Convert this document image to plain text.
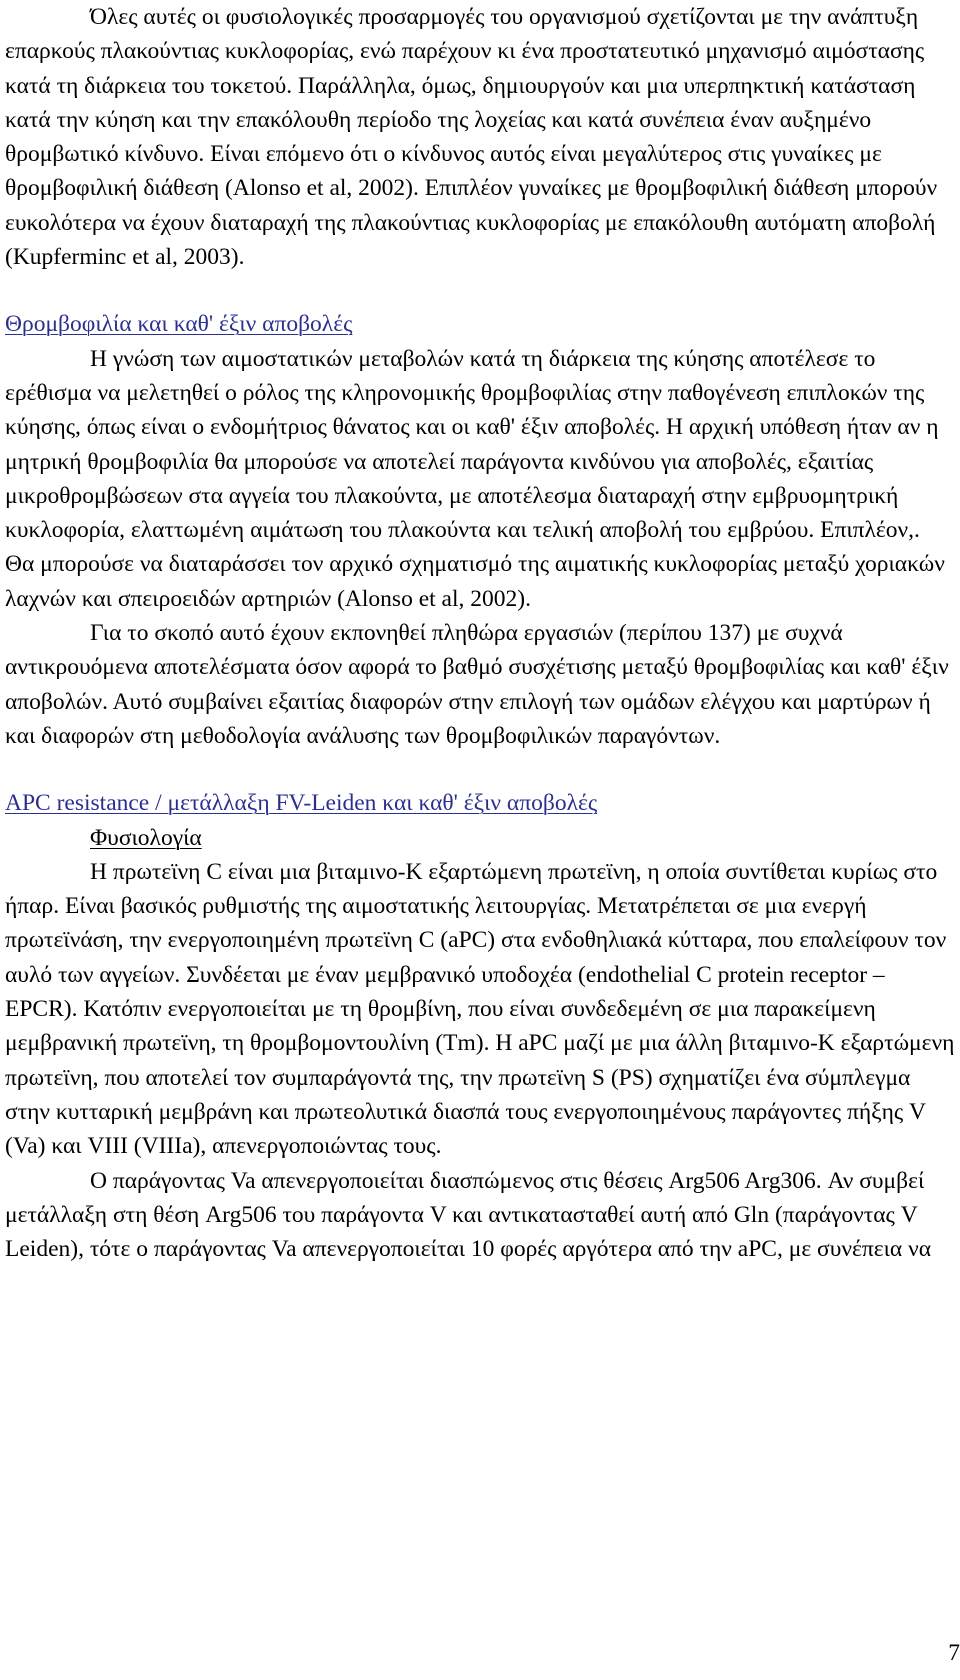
Όλες αυτές οι φυσιολογικές προσαρμογές του οργανισμού σχετίζονται με την ανάπτυξη επαρκούς πλακούντιας κυκλοφορίας, ενώ παρέχουν κι ένα προστατευτικό μηχανισμό αιμόστασης κατά τη διάρκεια του τοκετού. Παράλληλα, όμως, δημιουργούν και μια υπερπηκτική κατάσταση κατά την κύηση και την επακόλουθη περίοδο της λοχείας και κατά συνέπεια έναν αυξημένο θρομβωτικό κίνδυνο. Είναι επόμενο ότι ο κίνδυνος αυτός είναι μεγαλύτερος στις γυναίκες με θρομβοφιλική διάθεση (Alonso et al, 2002). Επιπλέον γυναίκες με θρομβοφιλική διάθεση μπορούν ευκολότερα να έχουν διαταραχή της πλακούντιας κυκλοφορίας με επακόλουθη αυτόματη αποβολή (Kupferminc et al, 2003).

Θρομβοφιλία και καθ' έξιν αποβολές

Η γνώση των αιμοστατικών μεταβολών κατά τη διάρκεια της κύησης αποτέλεσε το ερέθισμα να μελετηθεί ο ρόλος της κληρονομικής θρομβοφιλίας στην παθογένεση επιπλοκών της κύησης, όπως είναι ο ενδομήτριος θάνατος και οι καθ' έξιν αποβολές. Η αρχική υπόθεση ήταν αν η μητρική θρομβοφιλία θα μπορούσε να αποτελεί παράγοντα κινδύνου για αποβολές, εξαιτίας μικροθρομβώσεων στα αγγεία του πλακούντα, με αποτέλεσμα διαταραχή στην εμβρυομητρική κυκλοφορία, ελαττωμένη αιμάτωση του πλακούντα και τελική αποβολή του εμβρύου. Επιπλέον,. Θα μπορούσε να διαταράσσει τον αρχικό σχηματισμό της αιματικής κυκλοφορίας μεταξύ χοριακών λαχνών και σπειροειδών αρτηριών (Alonso et al, 2002).

Για το σκοπό αυτό έχουν εκπονηθεί πληθώρα εργασιών (περίπου 137) με συχνά αντικρουόμενα αποτελέσματα όσον αφορά το βαθμό συσχέτισης μεταξύ θρομβοφιλίας και καθ' έξιν αποβολών. Αυτό συμβαίνει εξαιτίας διαφορών στην επιλογή των ομάδων ελέγχου και μαρτύρων ή και διαφορών στη μεθοδολογία ανάλυσης των θρομβοφιλικών παραγόντων.

APC resistance / μετάλλαξη FV-Leiden και καθ' έξιν αποβολές

Φυσιολογία

Η πρωτεϊνη C είναι μια βιταμινο-Κ εξαρτώμενη πρωτεϊνη, η οποία συντίθεται κυρίως στο ήπαρ. Είναι βασικός ρυθμιστής της αιμοστατικής λειτουργίας. Μετατρέπεται σε μια ενεργή πρωτεϊνάση, την ενεργοποιημένη πρωτεϊνη C (aPC) στα ενδοθηλιακά κύτταρα, που επαλείφουν τον αυλό των αγγείων. Συνδέεται με έναν μεμβρανικό υποδοχέα (endothelial C protein receptor –EPCR). Κατόπιν ενεργοποιείται με τη θρομβίνη, που είναι συνδεδεμένη σε μια παρακείμενη μεμβρανική πρωτεϊνη, τη θρομβομοντουλίνη (Tm). Η aPC μαζί με μια άλλη βιταμινο-Κ εξαρτώμενη πρωτεϊνη, που αποτελεί τον συμπαράγοντά της, την πρωτεϊνη S (PS) σχηματίζει ένα σύμπλεγμα στην κυτταρική μεμβράνη και πρωτεολυτικά διασπά τους ενεργοποιημένους παράγοντες πήξης V (Va) και VIII (VIIIa), απενεργοποιώντας τους.

Ο παράγοντας Va απενεργοποιείται διασπώμενος στις θέσεις Arg506 Arg306. Αν συμβεί μετάλλαξη στη θέση Arg506 του παράγοντα V και αντικατασταθεί αυτή από Gln (παράγοντας V Leiden), τότε ο παράγοντας Va απενεργοποιείται 10 φορές αργότερα από την aPC, με συνέπεια να

7
